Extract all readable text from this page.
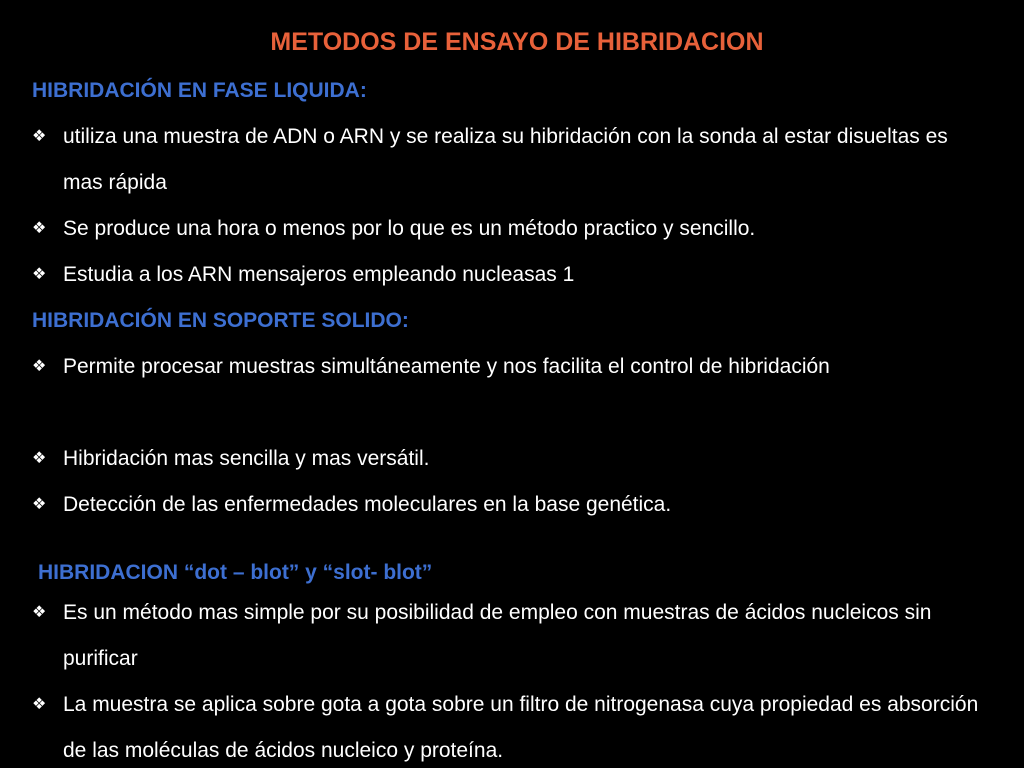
METODOS DE ENSAYO DE HIBRIDACION
HIBRIDACIÓN EN FASE LIQUIDA:
❖ utiliza una muestra de ADN o ARN y se realiza su hibridación con la sonda al estar disueltas es mas rápida
❖ Se produce una hora o menos por lo que es un método practico y sencillo.
❖ Estudia a los ARN mensajeros empleando nucleasas 1
HIBRIDACIÓN EN SOPORTE SOLIDO:
❖ Permite procesar muestras simultáneamente y nos facilita el control de hibridación
❖ Hibridación mas sencilla y mas versátil.
❖ Detección de las enfermedades moleculares en la base genética.
HIBRIDACION “dot – blot” y “slot- blot”
❖ Es un método mas simple por su posibilidad de empleo con muestras de ácidos nucleicos sin purificar
❖ La muestra se aplica sobre gota a gota sobre un filtro de nitrogenasa cuya propiedad es absorción de las moléculas de ácidos nucleico y proteína.
